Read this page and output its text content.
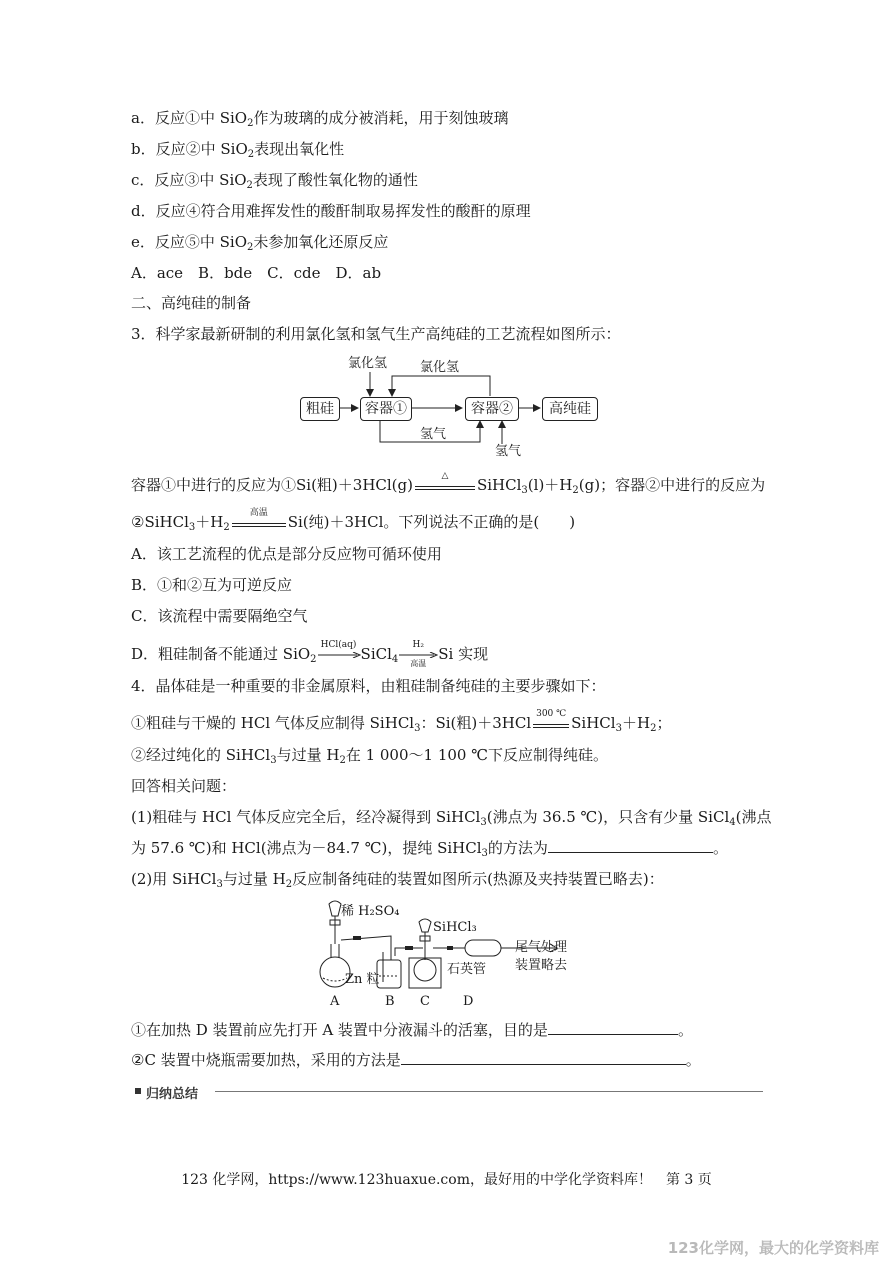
a．反应①中 SiO$_2$作为玻璃的成分被消耗，用于刻蚀玻璃
b．反应②中 SiO$_2$表现出氧化性
c．反应③中 SiO$_2$表现了酸性氧化物的通性
d．反应④符合用难挥发性的酸酐制取易挥发性的酸酐的原理
e．反应⑤中 SiO$_2$未参加氧化还原反应
A．ace　B．bde　C．cde　D．ab
二、高纯硅的制备
3．科学家最新研制的利用氯化氢和氢气生产高纯硅的工艺流程如图所示：
粗硅	容器①	容器②	高纯硅
氯化氢	氯化氢
氢气
氢气
容器①中进行的反应为①Si(粗)＋3HCl(g)	△	$SiHCl_3(l)+H_2(g)$；容器②中进行的反应为
$②SiHCl_3+H_2$
高温	Si(纯)＋3HCl。下列说法不正确的是(　　)
A．该工艺流程的优点是部分反应物可循环使用
B．①和②互为可逆反应
C．该流程中需要隔绝空气
D．粗硅制备不能通过 SiO$_2$
HCl(aq) SiCl$_4$
H₂
高温
Si 实现
4．晶体硅是一种重要的非金属原料，由粗硅制备纯硅的主要步骤如下：
①粗硅与干燥的 HCl 气体反应制得 SiHCl$_3$：Si(粗)＋3HCl 300 ℃ $SiHCl_3+H_2$；
②经过纯化的 SiHCl$_3$与过量 $H_2$在 1 000～1 100 ℃下反应制得纯硅。
回答相关问题：
(1)粗硅与 HCl 气体反应完全后，经冷凝得到 SiHCl$_3$(沸点为 36.5 ℃)，只含有少量 SiCl$_4$(沸点
为 57.6 ℃)和 HCl(沸点为－84.7 ℃)，提纯 SiHCl$_3$的方法为	。
(2)用 SiHCl$_3$与过量 $H_2$反应制备纯硅的装置如图所示(热源及夹持装置已略去)：
稀 H₂SO₄
SiHCl₃
Zn 粒
石英管
尾气处理
装置略去
A	B C	D
①在加热 D 装置前应先打开 A 装置中分液漏斗的活塞，目的是	。
②C 装置中烧瓶需要加热，采用的方法是	。
归纳总结
123 化学网，https://www.123huaxue.com，最好用的中学化学资料库！　第 3 页
123化学网，最大的化学资料库
